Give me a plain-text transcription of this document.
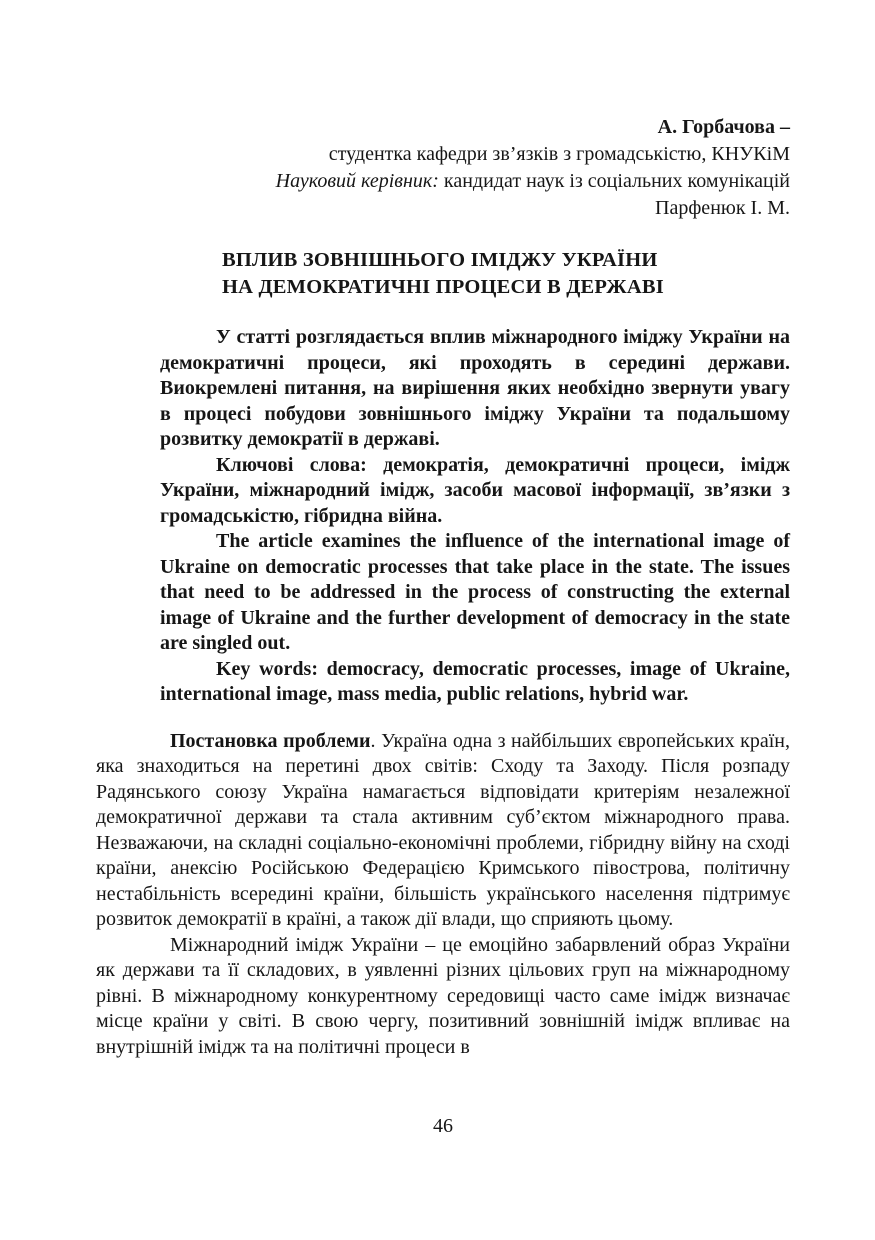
А. Горбачова –
студентка кафедри зв’язків з громадськістю, КНУКіМ
Науковий керівник: кандидат наук із соціальних комунікацій
Парфенюк І. М.
ВПЛИВ ЗОВНІШНЬОГО ІМІДЖУ УКРАЇНИ
НА ДЕМОКРАТИЧНІ ПРОЦЕСИ В ДЕРЖАВІ

У статті розглядається вплив міжнародного іміджу України на демократичні процеси, які проходять в середині держави. Виокремлені питання, на вирішення яких необхідно звернути увагу в процесі побудови зовнішнього іміджу України та подальшому розвитку демократії в державі.

Ключові слова: демократія, демократичні процеси, імідж України, міжнародний імідж, засоби масової інформації, зв’язки з громадськістю, гібридна війна.

The article examines the influence of the international image of Ukraine on democratic processes that take place in the state. The issues that need to be addressed in the process of constructing the external image of Ukraine and the further development of democracy in the state are singled out.

Key words: democracy, democratic processes, image of Ukraine, international image, mass media, public relations, hybrid war.

Постановка проблеми. Україна одна з найбільших європейських країн, яка знаходиться на перетині двох світів: Сходу та Заходу. Після розпаду Радянського союзу Україна намагається відповідати критеріям незалежної демократичної держави та стала активним суб’єктом міжнародного права. Незважаючи, на складні соціально-економічні проблеми, гібридну війну на сході країни, анексію Російською Федерацією Кримського півострова, політичну нестабільність всередині країни, більшість українського населення підтримує розвиток демократії в країні, а також дії влади, що сприяють цьому.

Міжнародний імідж України – це емоційно забарвлений образ України як держави та її складових, в уявленні різних цільових груп на міжнародному рівні. В міжнародному конкурентному середовищі часто саме імідж визначає місце країни у світі. В свою чергу, позитивний зовнішній імідж впливає на внутрішній імідж та на політичні процеси в

46
